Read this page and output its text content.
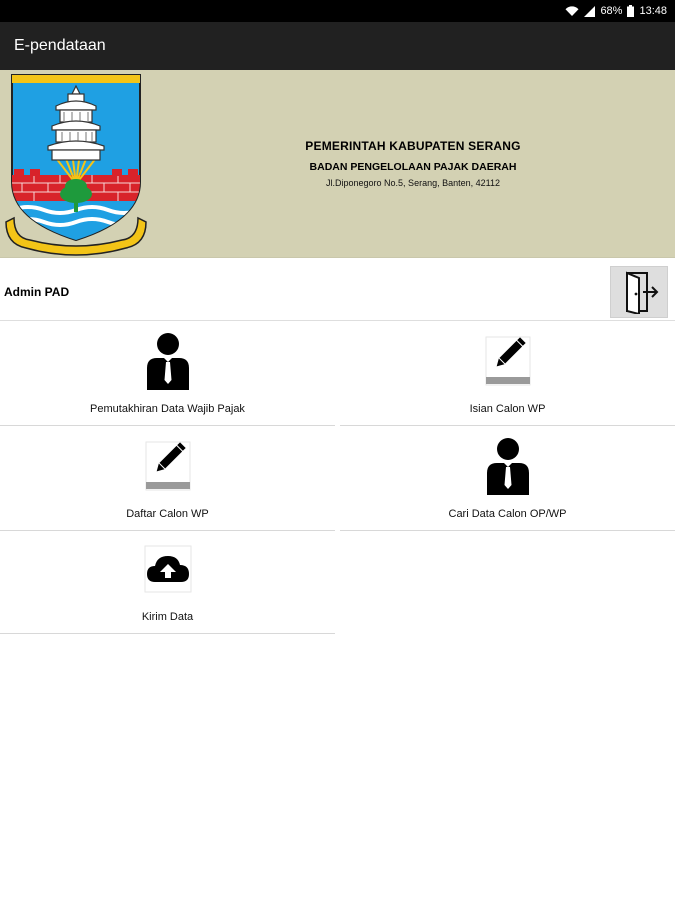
68% 13:48
E-pendataan
PEMERINTAH KABUPATEN SERANG
BADAN PENGELOLAAN PAJAK DAERAH
Jl.Diponegoro No.5, Serang, Banten, 42112
Admin PAD
Pemutakhiran Data Wajib Pajak	Isian Calon WP
Daftar Calon WP	Cari Data Calon OP/WP
Kirim Data
